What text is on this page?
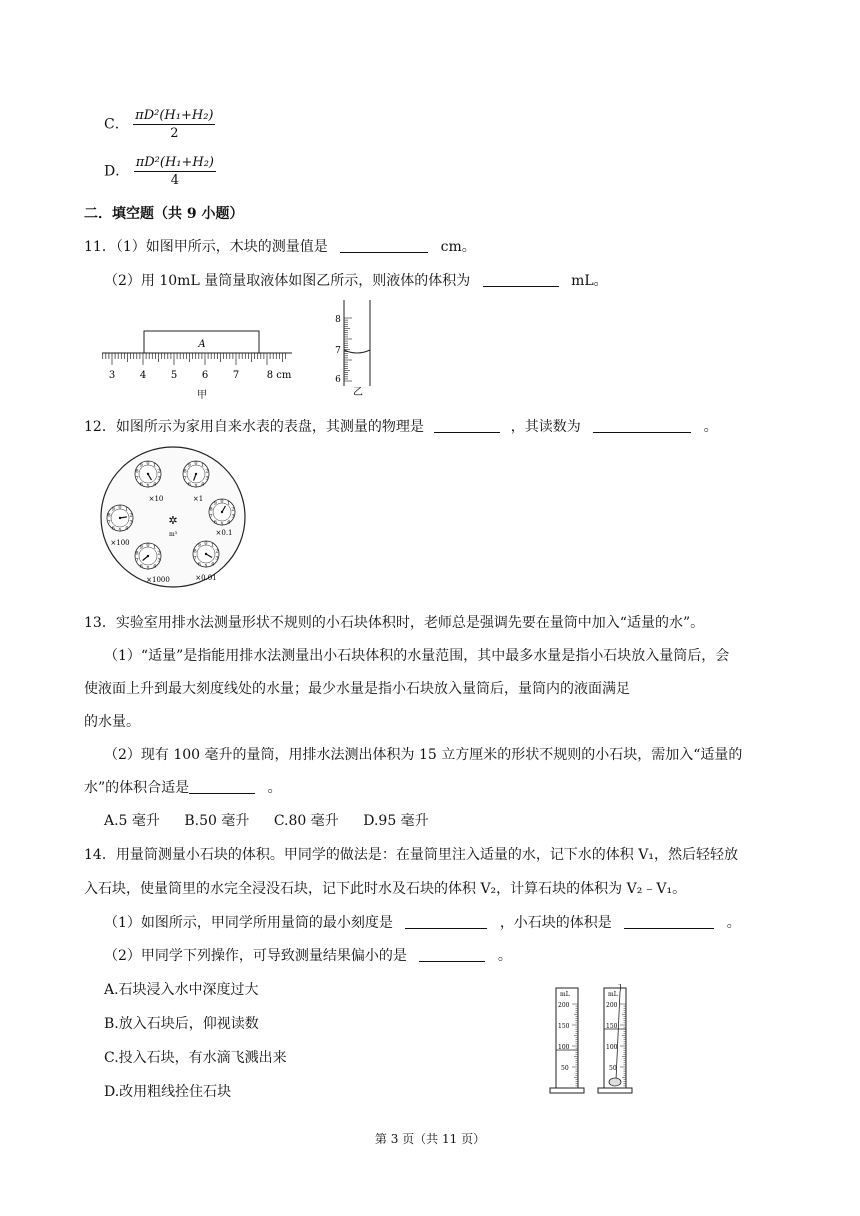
C． $\frac{\text{πD²(H₁+H₂)}}{2}$
D． $\frac{\text{πD²(H₁+H₂)}}{4}$
二．填空题（共 9 小题）
11．（1）如图甲所示，木块的测量值是	cm。
（2）用 10mL 量筒量取液体如图乙所示，则液体的体积为	mL。
A
3 4 5 6 7	8 cm
甲
8
7
6
乙
12．如图所示为家用自来水表的表盘，其测量的物理是	，其读数为	。
0 1
2
3
4
5
6
7
8
9	0 1
2
3
4
5
6
7
8
9
0 1
2
3
4
5
6
7
8
9
0 1
2
3
4
5
6
7
8
9
0 1
2
3
4
5
6
7
8
9
0 1
2
3
4
5
6
7
8
9
✲
m³
×10	×1
×0.1
×100
×1000	×0.01
13．实验室用排水法测量形状不规则的小石块体积时，老师总是强调先要在量筒中加入“适量的水”。
（1）“适量”是指能用排水法测量出小石块体积的水量范围，其中最多水量是指小石块放入量筒后，会
使液面上升到最大刻度线处的水量；最少水量是指小石块放入量筒后，量筒内的液面满足
的水量。
（2）现有 100 毫升的量筒，用排水法测出体积为 15 立方厘米的形状不规则的小石块，需加入“适量的
水”的体积合适是	。
A.5 毫升 B.50 毫升 C.80 毫升 D.95 毫升
14．用量筒测量小石块的体积。甲同学的做法是：在量筒里注入适量的水，记下水的体积 V₁，然后轻轻放
入石块，使量筒里的水完全浸没石块，记下此时水及石块的体积 V₂，计算石块的体积为 V₂﹣V₁。
（1）如图所示，甲同学所用量筒的最小刻度是	，小石块的体积是	。
（2）甲同学下列操作，可导致测量结果偏小的是	。
A.石块浸入水中深度过大
B.放入石块后，仰视读数
C.投入石块，有水滴飞溅出来
D.改用粗线拴住石块
mL
200
150
100
50
mL
200
150
100
50
第 3 页（共 11 页）
